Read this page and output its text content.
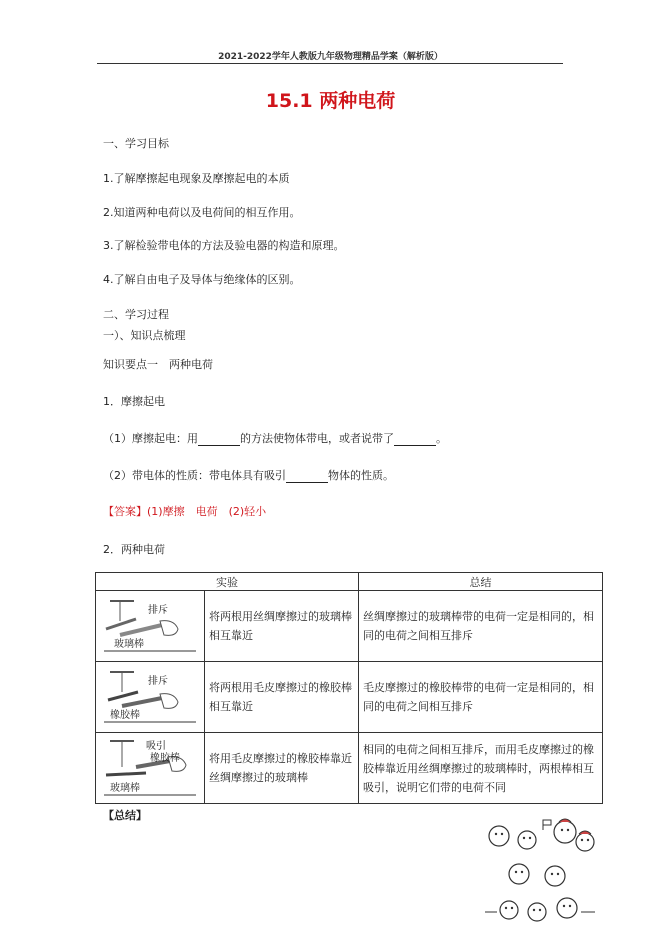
2021-2022学年人教版九年级物理精品学案（解析版）
15.1 两种电荷
一、学习目标
1.了解摩擦起电现象及摩擦起电的本质
2.知道两种电荷以及电荷间的相互作用。
3.了解检验带电体的方法及验电器的构造和原理。
4.了解自由电子及导体与绝缘体的区别。
二、学习过程
一）、知识点梳理
知识要点一　两种电荷
1．摩擦起电
（1）摩擦起电：用	的方法使物体带电，或者说带了	。
（2）带电体的性质：带电体具有吸引	物体的性质。
【答案】(1)摩擦　电荷　(2)轻小
2．两种电荷
实验		总结

排斥
玻璃棒	将两根用丝绸摩擦过的玻璃棒相互靠近	丝绸摩擦过的玻璃棒带的电荷一定是相同的，相同的电荷之间相互排斥

排斥
橡胶棒	将两根用毛皮摩擦过的橡胶棒相互靠近	毛皮摩擦过的橡胶棒带的电荷一定是相同的，相同的电荷之间相互排斥

吸引
橡胶棒
玻璃棒	将用毛皮摩擦过的橡胶棒靠近丝绸摩擦过的玻璃棒	相同的电荷之间相互排斥，而用毛皮摩擦过的橡胶棒靠近用丝绸摩擦过的玻璃棒时，两根棒相互吸引，说明它们带的电荷不同
【总结】
